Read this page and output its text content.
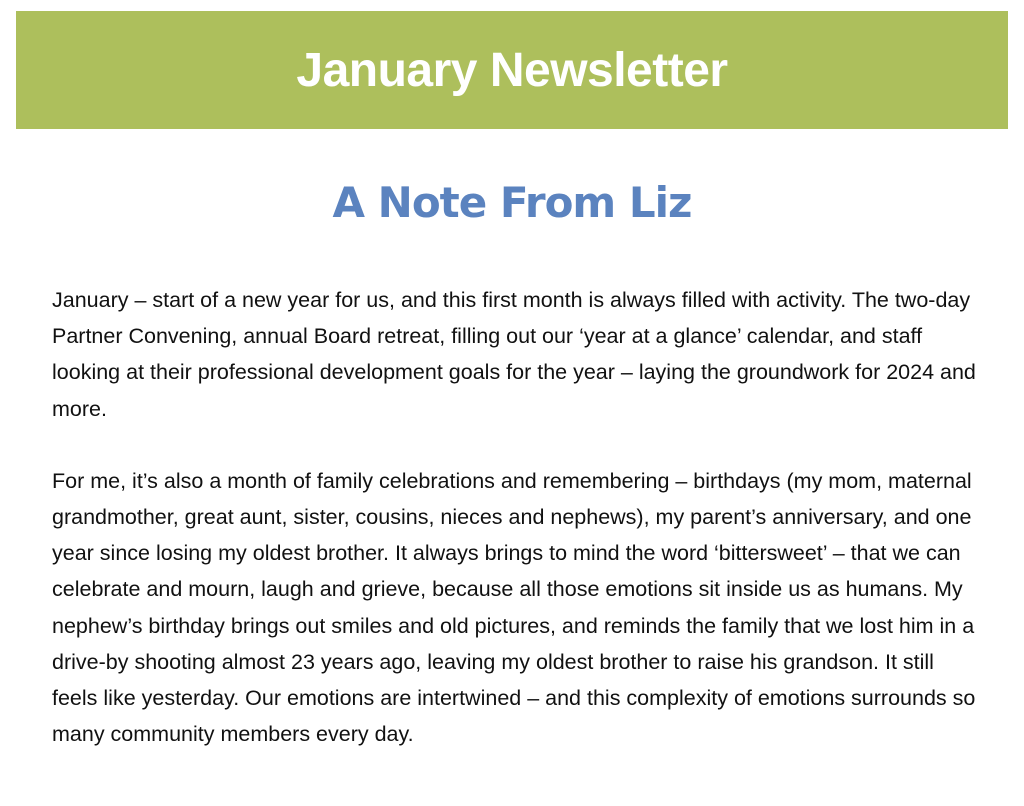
January Newsletter
A Note From Liz

January – start of a new year for us, and this first month is always filled with activity. The two-day Partner Convening, annual Board retreat, filling out our ‘year at a glance’ calendar, and staff looking at their professional development goals for the year – laying the groundwork for 2024 and more.

For me, it’s also a month of family celebrations and remembering – birthdays (my mom, maternal grandmother, great aunt, sister, cousins, nieces and nephews), my parent’s anniversary, and one year since losing my oldest brother. It always brings to mind the word ‘bittersweet’ – that we can celebrate and mourn, laugh and grieve, because all those emotions sit inside us as humans. My nephew’s birthday brings out smiles and old pictures, and reminds the family that we lost him in a drive-by shooting almost 23 years ago, leaving my oldest brother to raise his grandson. It still feels like yesterday. Our emotions are intertwined – and this complexity of emotions surrounds so many community members every day.
